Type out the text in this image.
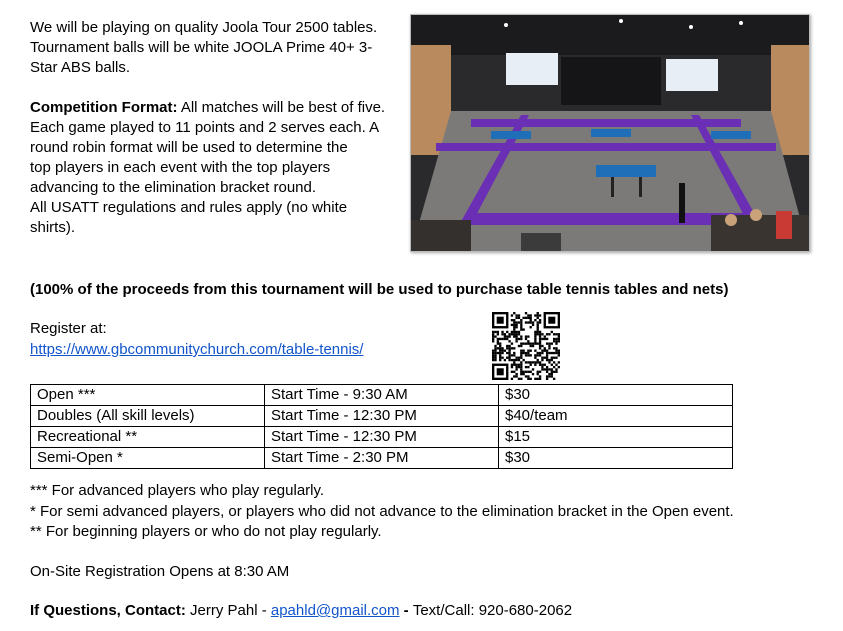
We will be playing on quality Joola Tour 2500 tables.
Tournament balls will be white JOOLA Prime 40+ 3-
Star ABS balls.
Competition Format: All matches will be best of five.
Each game played to 11 points and 2 serves each. A
round robin format will be used to determine the
top players in each event with the top players
advancing to the elimination bracket round.
All USATT regulations and rules apply (no white
shirts).
(100% of the proceeds from this tournament will be used to purchase table tennis tables and nets)
Register at:
https://www.gbcommunitychurch.com/table-tennis/
Open ***	Start Time - 9:30 AM	$30
Doubles (All skill levels)	Start Time - 12:30 PM	$40/team
Recreational **	Start Time - 12:30 PM	$15
Semi-Open *	Start Time - 2:30 PM	$30
*** For advanced players who play regularly.
* For semi advanced players, or players who did not advance to the elimination bracket in the Open event.
** For beginning players or who do not play regularly.
On-Site Registration Opens at 8:30 AM
If Questions, Contact: Jerry Pahl - apahld@gmail.com - Text/Call: 920-680-2062
